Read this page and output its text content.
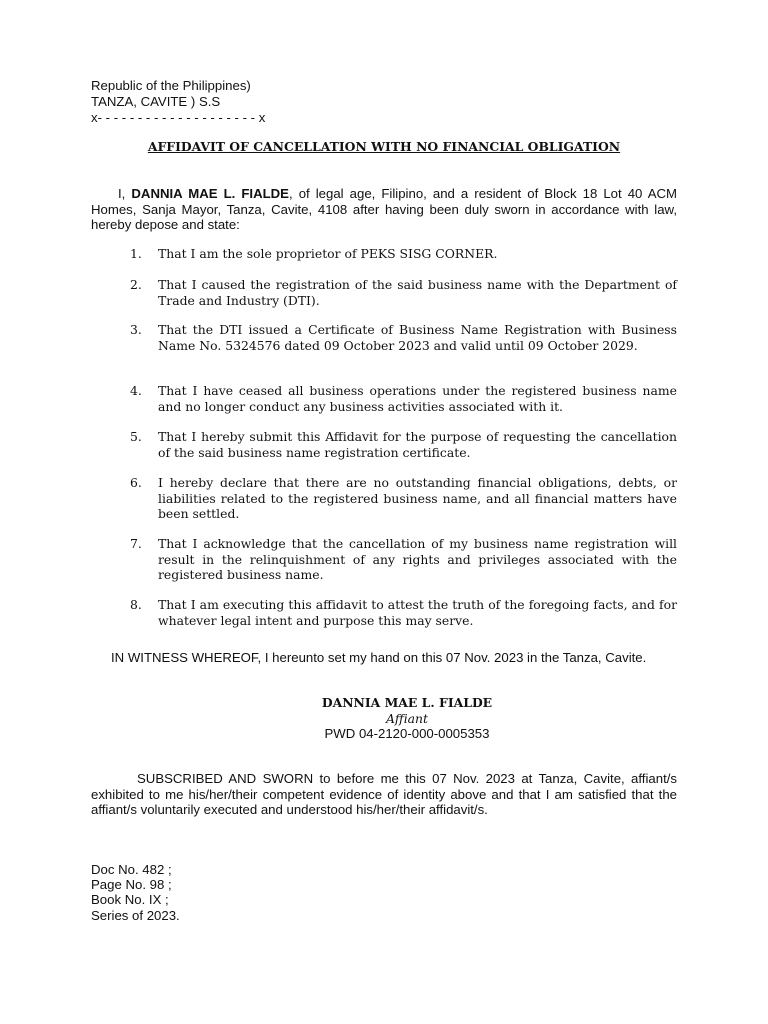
Republic of the Philippines)
TANZA, CAVITE ) S.S
x- - - - - - - - - - - - - - - - - - - - x
AFFIDAVIT OF CANCELLATION WITH NO FINANCIAL OBLIGATION

I, DANNIA MAE L. FIALDE, of legal age, Filipino, and a resident of Block 18 Lot 40 ACM Homes, Sanja Mayor, Tanza, Cavite, 4108 after having been duly sworn in accordance with law, hereby depose and state:

1.	That I am the sole proprietor of PEKS SISG CORNER.
2.	That I caused the registration of the said business name with the Department of Trade and Industry (DTI).
3.	That the DTI issued a Certificate of Business Name Registration with Business Name No. 5324576 dated 09 October 2023 and valid until 09 October 2029.
4.	That I have ceased all business operations under the registered business name and no longer conduct any business activities associated with it.
5.	That I hereby submit this Affidavit for the purpose of requesting the cancellation of the said business name registration certificate.
6.	I hereby declare that there are no outstanding financial obligations, debts, or liabilities related to the registered business name, and all financial matters have been settled.
7.	That I acknowledge that the cancellation of my business name registration will result in the relinquishment of any rights and privileges associated with the registered business name.
8.	That I am executing this affidavit to attest the truth of the foregoing facts, and for whatever legal intent and purpose this may serve.

IN WITNESS WHEREOF, I hereunto set my hand on this 07 Nov. 2023 in the Tanza, Cavite.

DANNIA MAE L. FIALDE
Affiant
PWD 04-2120-000-0005353

SUBSCRIBED AND SWORN to before me this 07 Nov. 2023 at Tanza, Cavite, affiant/s exhibited to me his/her/their competent evidence of identity above and that I am satisfied that the affiant/s voluntarily executed and understood his/her/their affidavit/s.

Doc No. 482 ;
Page No. 98 ;
Book No. IX ;
Series of 2023.
